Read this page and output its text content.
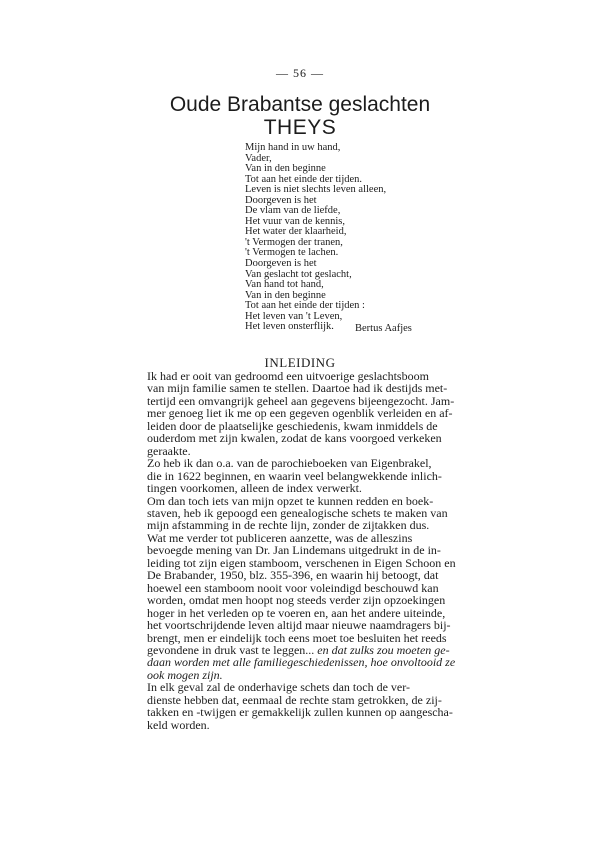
— 56 —
Oude Brabantse geslachten
THEYS
Mijn hand in uw hand,
Vader,
Van in den beginne
Tot aan het einde der tijden.
Leven is niet slechts leven alleen,
Doorgeven is het
De vlam van de liefde,
Het vuur van de kennis,
Het water der klaarheid,
't Vermogen der tranen,
't Vermogen te lachen.
Doorgeven is het
Van geslacht tot geslacht,
Van hand tot hand,
Van in den beginne
Tot aan het einde der tijden :
Het leven van 't Leven,
Het leven onsterflijk.	Bertus Aafjes
INLEIDING

Ik had er ooit van gedroomd een uitvoerige geslachtsboom
van mijn familie samen te stellen. Daartoe had ik destijds met-
tertijd een omvangrijk geheel aan gegevens bijeengezocht. Jam-
mer genoeg liet ik me op een gegeven ogenblik verleiden en af-
leiden door de plaatselijke geschiedenis, kwam inmiddels de
ouderdom met zijn kwalen, zodat de kans voorgoed verkeken
geraakte.

Zo heb ik dan o.a. van de parochieboeken van Eigenbrakel,
die in 1622 beginnen, en waarin veel belangwekkende inlich-
tingen voorkomen, alleen de index verwerkt.

Om dan toch iets van mijn opzet te kunnen redden en boek-
staven, heb ik gepoogd een genealogische schets te maken van
mijn afstamming in de rechte lijn, zonder de zijtakken dus.

Wat me verder tot publiceren aanzette, was de alleszins
bevoegde mening van Dr. Jan Lindemans uitgedrukt in de in-
leiding tot zijn eigen stamboom, verschenen in Eigen Schoon en
De Brabander, 1950, blz. 355-396, en waarin hij betoogt, dat
hoewel een stamboom nooit voor voleindigd beschouwd kan
worden, omdat men hoopt nog steeds verder zijn opzoekingen
hoger in het verleden op te voeren en, aan het andere uiteinde,
het voortschrijdende leven altijd maar nieuwe naamdragers bij-
brengt, men er eindelijk toch eens moet toe besluiten het reeds
gevondene in druk vast te leggen... en dat zulks zou moeten ge-
daan worden met alle familiegeschiedenissen, hoe onvoltooid ze
ook mogen zijn.

In elk geval zal de onderhavige schets dan toch de ver-
dienste hebben dat, eenmaal de rechte stam getrokken, de zij-
takken en -twijgen er gemakkelijk zullen kunnen op aangescha-
keld worden.
